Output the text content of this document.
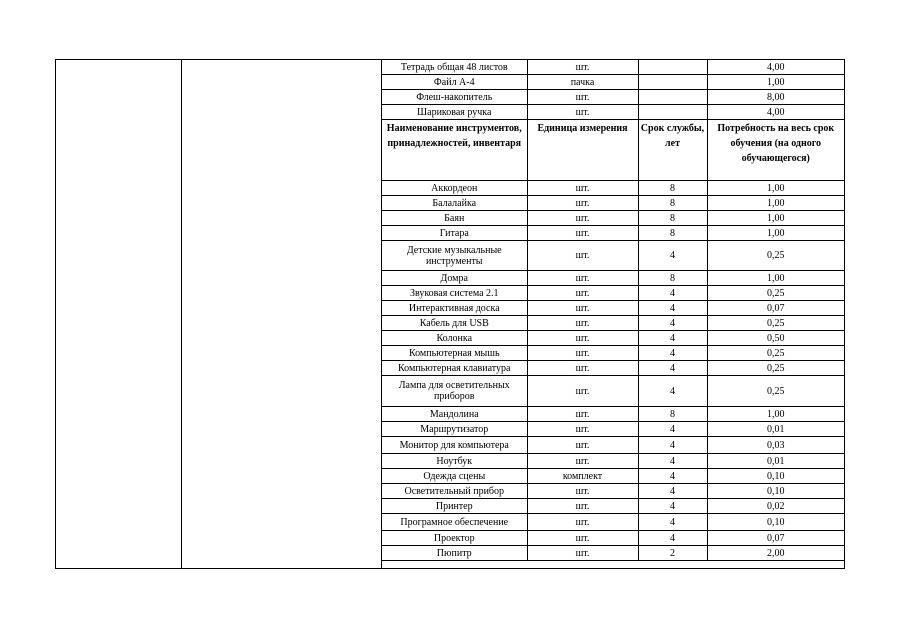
Тетрадь общая 48 листов	шт.		4,00
Файл А-4	пачка		1,00
Флеш-накопитель	шт.		8,00
Шариковая ручка	шт.		4,00
Наименование инструментов, принадлежностей, инвентаря	Единица измерения	Срок службы, лет	Потребность на весь срок обучения (на одного обучающегося)
Аккордеон	шт.	8	1,00
Балалайка	шт.	8	1,00
Баян	шт.	8	1,00
Гитара	шт.	8	1,00
Детские музыкальные инструменты	шт.	4	0,25
Домра	шт.	8	1,00
Звуковая система 2.1	шт.	4	0,25
Интерактивная доска	шт.	4	0,07
Кабель для USB	шт.	4	0,25
Колонка	шт.	4	0,50
Компьютерная мышь	шт.	4	0,25
Компьютерная клавиатура	шт.	4	0,25
Лампа для осветительных приборов	шт.	4	0,25
Мандолина	шт.	8	1,00
Маршрутизатор	шт.	4	0,01
Монитор для компьютера	шт.	4	0,03
Ноутбук	шт.	4	0,01
Одежда сцены	комплект	4	0,10
Осветительный прибор	шт.	4	0,10
Принтер	шт.	4	0,02
Програмное обеспечение	шт.	4	0,10
Проектор	шт.	4	0,07
Пюпитр	шт.	2	2,00
